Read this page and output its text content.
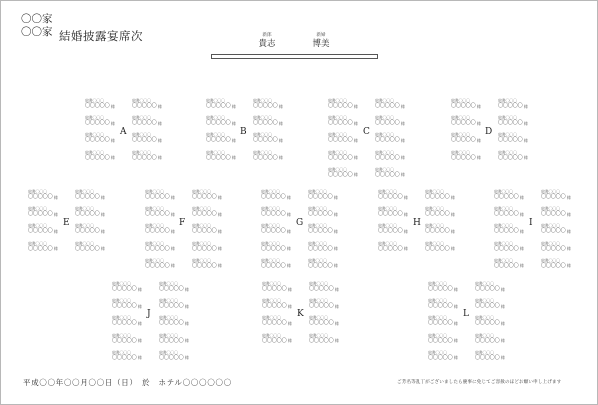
〇〇家
〇〇家 結婚披露宴席次	新郎
貴志
新婦
博美
肩書〇〇〇
〇〇〇〇〇 様
肩書〇〇〇
〇〇〇〇〇 様
肩書〇〇〇
〇〇〇〇〇 様
肩書〇〇〇
〇〇〇〇〇 様
肩書〇〇〇
〇〇〇〇〇 様
肩書〇〇〇
〇〇〇〇〇 様
肩書〇〇〇
〇〇〇〇〇 様
肩書〇〇〇
〇〇〇〇〇 様
A
肩書〇〇〇
〇〇〇〇〇 様
肩書〇〇〇
〇〇〇〇〇 様
肩書〇〇〇
〇〇〇〇〇 様
肩書〇〇〇
〇〇〇〇〇 様
肩書〇〇〇
〇〇〇〇〇 様
肩書〇〇〇
〇〇〇〇〇 様
肩書〇〇〇
〇〇〇〇〇 様
肩書〇〇〇
〇〇〇〇〇 様
B
肩書〇〇〇
〇〇〇〇〇 様
肩書〇〇〇
〇〇〇〇〇 様
肩書〇〇〇
〇〇〇〇〇 様
肩書〇〇〇
〇〇〇〇〇 様
肩書〇〇〇
〇〇〇〇〇 様
肩書〇〇〇
〇〇〇〇〇 様
肩書〇〇〇
〇〇〇〇〇 様
肩書〇〇〇
〇〇〇〇〇 様
肩書〇〇〇
〇〇〇〇〇 様
肩書〇〇〇
〇〇〇〇〇 様
C
肩書〇〇〇
〇〇〇〇〇 様
肩書〇〇〇
〇〇〇〇〇 様
肩書〇〇〇
〇〇〇〇〇 様
肩書〇〇〇
〇〇〇〇〇 様
肩書〇〇〇
〇〇〇〇〇 様
肩書〇〇〇
〇〇〇〇〇 様
肩書〇〇〇
〇〇〇〇〇 様
肩書〇〇〇
〇〇〇〇〇 様
D
肩書〇〇〇
〇〇〇〇〇 様
肩書〇〇〇
〇〇〇〇〇 様
肩書〇〇〇
〇〇〇〇〇 様
肩書〇〇〇
〇〇〇〇〇 様
肩書〇〇〇
〇〇〇〇〇 様
肩書〇〇〇
〇〇〇〇〇 様
肩書〇〇〇
〇〇〇〇〇 様
肩書〇〇〇
〇〇〇〇〇 様
E
肩書〇〇〇
〇〇〇〇〇 様
肩書〇〇〇
〇〇〇〇〇 様
肩書〇〇〇
〇〇〇〇〇 様
肩書〇〇〇
〇〇〇〇〇 様
肩書〇〇〇
〇〇〇〇〇 様
肩書〇〇〇
〇〇〇〇〇 様
肩書〇〇〇
〇〇〇〇〇 様
肩書〇〇〇
〇〇〇〇〇 様
肩書〇〇〇
〇〇〇〇〇 様
肩書〇〇〇
〇〇〇〇〇 様
F
肩書〇〇〇
〇〇〇〇〇 様
肩書〇〇〇
〇〇〇〇〇 様
肩書〇〇〇
〇〇〇〇〇 様
肩書〇〇〇
〇〇〇〇〇 様
肩書〇〇〇
〇〇〇〇〇 様
肩書〇〇〇
〇〇〇〇〇 様
肩書〇〇〇
〇〇〇〇〇 様
肩書〇〇〇
〇〇〇〇〇 様
肩書〇〇〇
〇〇〇〇〇 様
肩書〇〇〇
〇〇〇〇〇 様
G
肩書〇〇〇
〇〇〇〇〇 様
肩書〇〇〇
〇〇〇〇〇 様
肩書〇〇〇
〇〇〇〇〇 様
肩書〇〇〇
〇〇〇〇〇 様
肩書〇〇〇
〇〇〇〇〇 様
肩書〇〇〇
〇〇〇〇〇 様
肩書〇〇〇
〇〇〇〇〇 様
肩書〇〇〇
〇〇〇〇〇 様
H
肩書〇〇〇
〇〇〇〇〇 様
肩書〇〇〇
〇〇〇〇〇 様
肩書〇〇〇
〇〇〇〇〇 様
肩書〇〇〇
〇〇〇〇〇 様
肩書〇〇〇
〇〇〇〇〇 様
肩書〇〇〇
〇〇〇〇〇 様
肩書〇〇〇
〇〇〇〇〇 様
肩書〇〇〇
〇〇〇〇〇 様
肩書〇〇〇
〇〇〇〇〇 様
肩書〇〇〇
〇〇〇〇〇 様
I
肩書〇〇〇
〇〇〇〇〇 様
肩書〇〇〇
〇〇〇〇〇 様
肩書〇〇〇
〇〇〇〇〇 様
肩書〇〇〇
〇〇〇〇〇 様
肩書〇〇〇
〇〇〇〇〇 様
肩書〇〇〇
〇〇〇〇〇 様
肩書〇〇〇
〇〇〇〇〇 様
肩書〇〇〇
〇〇〇〇〇 様
肩書〇〇〇
〇〇〇〇〇 様
肩書〇〇〇
〇〇〇〇〇 様
J
肩書〇〇〇
〇〇〇〇〇 様
肩書〇〇〇
〇〇〇〇〇 様
肩書〇〇〇
〇〇〇〇〇 様
肩書〇〇〇
〇〇〇〇〇 様
肩書〇〇〇
〇〇〇〇〇 様
肩書〇〇〇
〇〇〇〇〇 様
肩書〇〇〇
〇〇〇〇〇 様
肩書〇〇〇
〇〇〇〇〇 様
K
肩書〇〇〇
〇〇〇〇〇 様
肩書〇〇〇
〇〇〇〇〇 様
肩書〇〇〇
〇〇〇〇〇 様
肩書〇〇〇
〇〇〇〇〇 様
肩書〇〇〇
〇〇〇〇〇 様
肩書〇〇〇
〇〇〇〇〇 様
肩書〇〇〇
〇〇〇〇〇 様
肩書〇〇〇
〇〇〇〇〇 様
肩書〇〇〇
〇〇〇〇〇 様
肩書〇〇〇
〇〇〇〇〇 様
L
平成〇〇年〇〇月〇〇日（日）　於　ホテル〇〇〇〇〇〇	ご芳名等乱丁がございましたら慶事に免じてご容赦のほどお願い申し上げます
